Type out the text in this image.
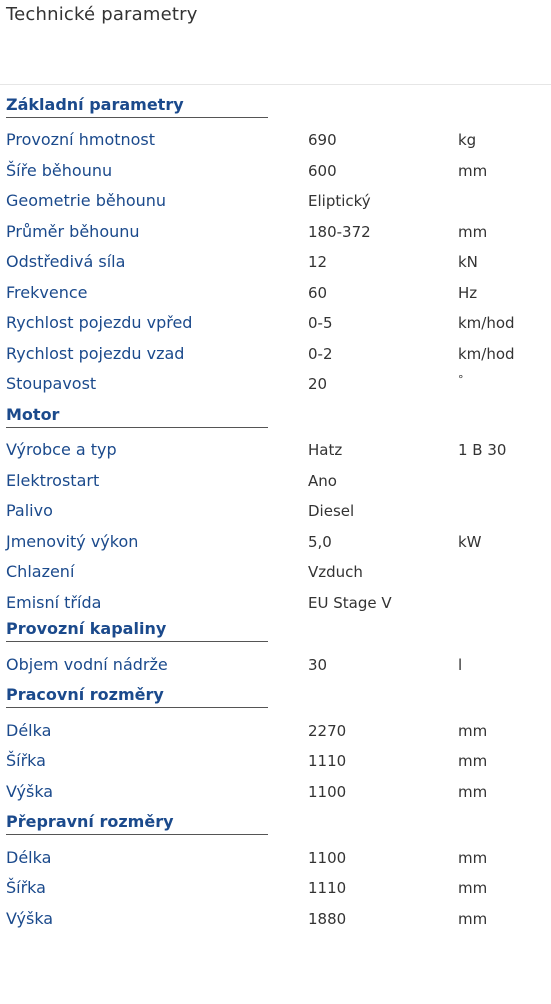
Technické parametry
Základní parametry
Provozní hmotnost	690	kg
Šíře běhounu	600	mm
Geometrie běhounu	Eliptický
Průměr běhounu	180-372	mm
Odstředivá síla	12	kN
Frekvence	60	Hz
Rychlost pojezdu vpřed	0-5	km/hod
Rychlost pojezdu vzad	0-2	km/hod
Stoupavost	20	°
Motor
Výrobce a typ	Hatz	1 B 30
Elektrostart	Ano
Palivo	Diesel
Jmenovitý výkon	5,0	kW
Chlazení	Vzduch
Emisní třída	EU Stage V
Provozní kapaliny
Objem vodní nádrže	30	l
Pracovní rozměry
Délka	2270	mm
Šířka	1110	mm
Výška	1100	mm
Přepravní rozměry
Délka	1100	mm
Šířka	1110	mm
Výška	1880	mm
